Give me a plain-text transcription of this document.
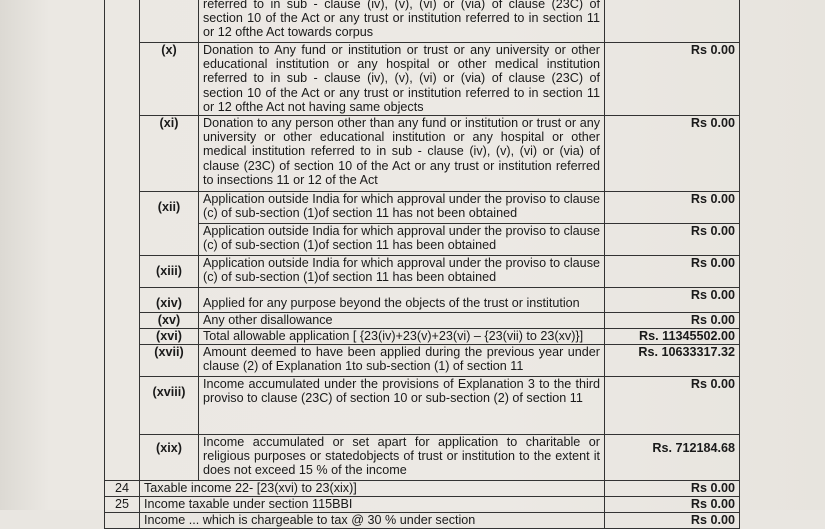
		referred to in sub - clause (iv), (v), (vi) or (via) of clause (23C) of section 10 of the Act or any trust or institution referred to in section 11 or 12 ofthe Act towards corpus	
	(x)	Donation to Any fund or institution or trust or any university or other educational institution or any hospital or other medical institution referred to in sub - clause (iv), (v), (vi) or (via) of clause (23C) of section 10 of the Act or any trust or institution referred to in section 11 or 12 ofthe Act not having same objects	Rs 0.00
	(xi)	Donation to any person other than any fund or institution or trust or any university or other educational institution or any hospital or other medical institution referred to in sub - clause (iv), (v), (vi) or (via) of clause (23C) of section 10 of the Act or any trust or institution referred to insections 11 or 12 of the Act	Rs 0.00
	(xii)	Application outside India for which approval under the proviso to clause (c) of sub-section (1)of section 11 has not been obtained	Rs 0.00
		Application outside India for which approval under the proviso to clause (c) of sub-section (1)of section 11 has been obtained	Rs 0.00
	(xiii)	Application outside India for which approval under the proviso to clause (c) of sub-section (1)of section 11 has been obtained	Rs 0.00
	(xiv)	Applied for any purpose beyond the objects of the trust or institution	Rs 0.00
	(xv)	Any other disallowance	Rs 0.00
	(xvi)	Total allowable application [ {23(iv)+23(v)+23(vi) – {23(vii) to 23(xv)}]	Rs. 11345502.00
	(xvii)	Amount deemed to have been applied during the previous year under clause (2) of Explanation 1to sub-section (1) of section 11	Rs. 10633317.32
	(xviii)	Income accumulated under the provisions of Explanation 3 to the third proviso to clause (23C) of section 10 or sub-section (2) of section 11	Rs 0.00
	(xix)	Income accumulated or set apart for application to charitable or religious purposes or statedobjects of trust or institution to the extent it does not exceed 15 % of the income	Rs. 712184.68
24	Taxable income 22- [23(xvi) to 23(xix)]		Rs 0.00
25	Income taxable under section 115BBI		Rs 0.00
	Income ... which is chargeable to tax @ 30 % under section		Rs 0.00
